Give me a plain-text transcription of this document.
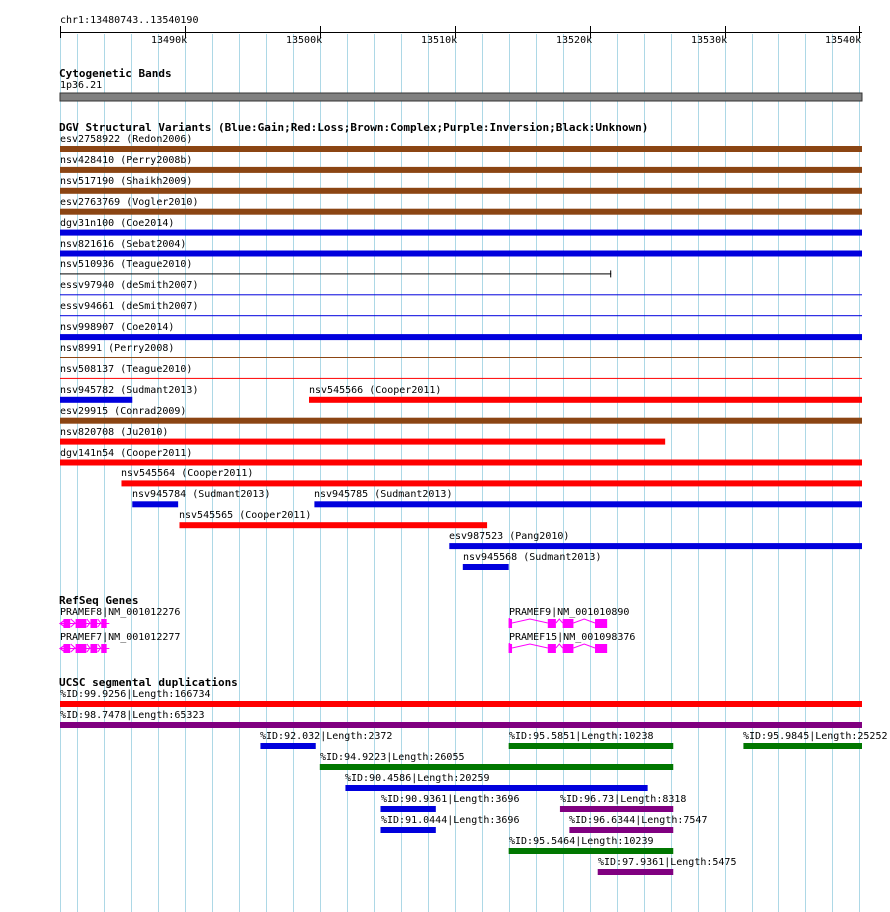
chr1:13480743..13540190
13490k	13500k	13510k	13520k	13530k	13540k
Cytogenetic Bands
DGV Structural Variants (Blue:Gain;Red:Loss;Brown:Complex;Purple:Inversion;Black:Unknown)
RefSeq Genes
UCSC segmental duplications
1p36.21
esv2758922 (Redon2006)
nsv428410 (Perry2008b)
nsv517190 (Shaikh2009)
esv2763769 (Vogler2010)
dgv31n100 (Coe2014)
nsv821616 (Sebat2004)
nsv510936 (Teague2010)
essv97940 (deSmith2007)
essv94661 (deSmith2007)
nsv998907 (Coe2014)
nsv8991 (Perry2008)
nsv508137 (Teague2010)
nsv945782 (Sudmant2013)	nsv545566 (Cooper2011)
esv29915 (Conrad2009)
nsv820708 (Ju2010)
dgv141n54 (Cooper2011)
nsv545564 (Cooper2011)
nsv945784 (Sudmant2013)	nsv945785 (Sudmant2013)
nsv545565 (Cooper2011)
esv987523 (Pang2010)
nsv945568 (Sudmant2013)
PRAMEF8|NM_001012276
PRAMEF7|NM_001012277
PRAMEF9|NM_001010890
PRAMEF15|NM_001098376
%ID:99.9256|Length:166734
%ID:98.7478|Length:65323
%ID:92.032|Length:2372	%ID:95.5851|Length:10238	%ID:95.9845|Length:25252
%ID:94.9223|Length:26055
%ID:90.4586|Length:20259
%ID:90.9361|Length:3696	%ID:96.73|Length:8318
%ID:91.0444|Length:3696	%ID:96.6344|Length:7547
%ID:95.5464|Length:10239
%ID:97.9361|Length:5475
